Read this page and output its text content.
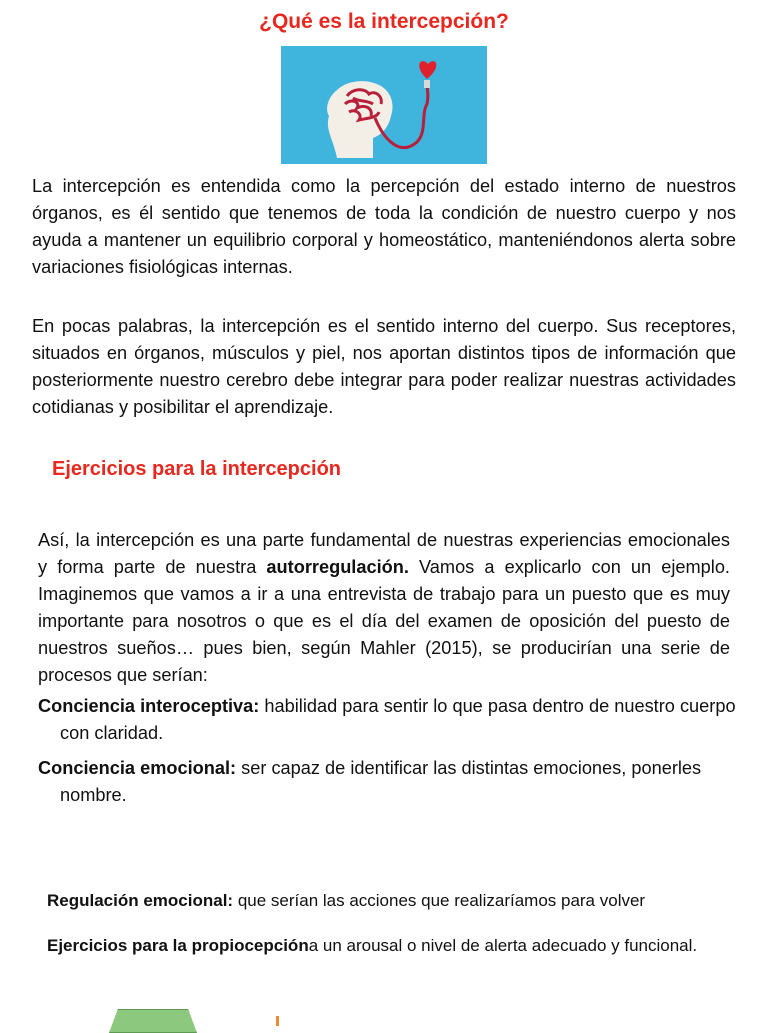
¿Qué es la intercepción?

La intercepción es entendida como la percepción del estado interno de nuestros órganos, es él sentido que tenemos de toda la condición de nuestro cuerpo y nos ayuda a mantener un equilibrio corporal y homeostático, manteniéndonos alerta sobre variaciones fisiológicas internas.

En pocas palabras, la intercepción es el sentido interno del cuerpo. Sus receptores, situados en órganos, músculos y piel, nos aportan distintos tipos de información que posteriormente nuestro cerebro debe integrar para poder realizar nuestras actividades cotidianas y posibilitar el aprendizaje.

Ejercicios para la intercepción

Así, la intercepción es una parte fundamental de nuestras experiencias emocionales y forma parte de nuestra autorregulación. Vamos a explicarlo con un ejemplo. Imaginemos que vamos a ir a una entrevista de trabajo para un puesto que es muy importante para nosotros o que es el día del examen de oposición del puesto de nuestros sueños… pues bien, según Mahler (2015), se producirían una serie de procesos que serían:

Conciencia interoceptiva: habilidad para sentir lo que pasa dentro de nuestro cuerpo con claridad.

Conciencia emocional: ser capaz de identificar las distintas emociones, ponerles nombre.

Regulación emocional: que serían las acciones que realizaríamos para volver

Ejercicios para la propiocepcióna un arousal o nivel de alerta adecuado y funcional.
